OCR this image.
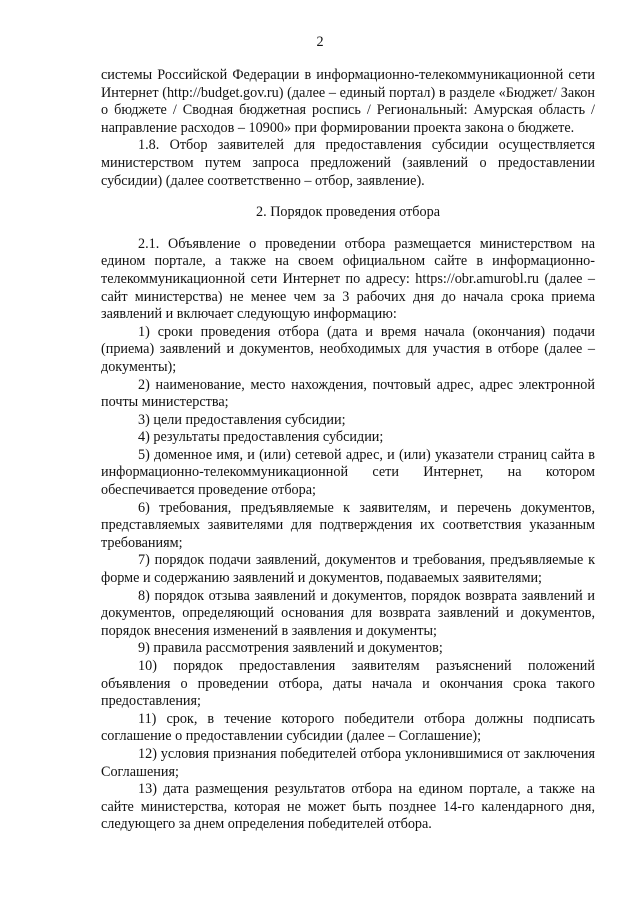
2

системы Российской Федерации в информационно-телекоммуникационной сети Интернет (http://budget.gov.ru) (далее – единый портал) в разделе «Бюджет/ Закон о бюджете / Сводная бюджетная роспись / Региональный: Амурская область / направление расходов – 10900» при формировании проекта закона о бюджете.

1.8. Отбор заявителей для предоставления субсидии осуществляется министерством путем запроса предложений (заявлений о предоставлении субсидии) (далее соответственно – отбор, заявление).

2. Порядок проведения отбора

2.1. Объявление о проведении отбора размещается министерством на едином портале, а также на своем официальном сайте в информационно-телекоммуникационной сети Интернет по адресу: https://obr.amurobl.ru (далее – сайт министерства) не менее чем за 3 рабочих дня до начала срока приема заявлений и включает следующую информацию:

1) сроки проведения отбора (дата и время начала (окончания) подачи (приема) заявлений и документов, необходимых для участия в отборе (далее – документы);

2) наименование, место нахождения, почтовый адрес, адрес электронной почты министерства;

3) цели предоставления субсидии;

4) результаты предоставления субсидии;

5) доменное имя, и (или) сетевой адрес, и (или) указатели страниц сайта в информационно-телекоммуникационной сети Интернет, на котором обеспечивается проведение отбора;

6) требования, предъявляемые к заявителям, и перечень документов, представляемых заявителями для подтверждения их соответствия указанным требованиям;

7) порядок подачи заявлений, документов и требования, предъявляемые к форме и содержанию заявлений и документов, подаваемых заявителями;

8) порядок отзыва заявлений и документов, порядок возврата заявлений и документов, определяющий основания для возврата заявлений и документов, порядок внесения изменений в заявления и документы;

9) правила рассмотрения заявлений и документов;

10) порядок предоставления заявителям разъяснений положений объявления о проведении отбора, даты начала и окончания срока такого предоставления;

11) срок, в течение которого победители отбора должны подписать соглашение о предоставлении субсидии (далее – Соглашение);

12) условия признания победителей отбора уклонившимися от заключения Соглашения;

13) дата размещения результатов отбора на едином портале, а также на сайте министерства, которая не может быть позднее 14-го календарного дня, следующего за днем определения победителей отбора.
